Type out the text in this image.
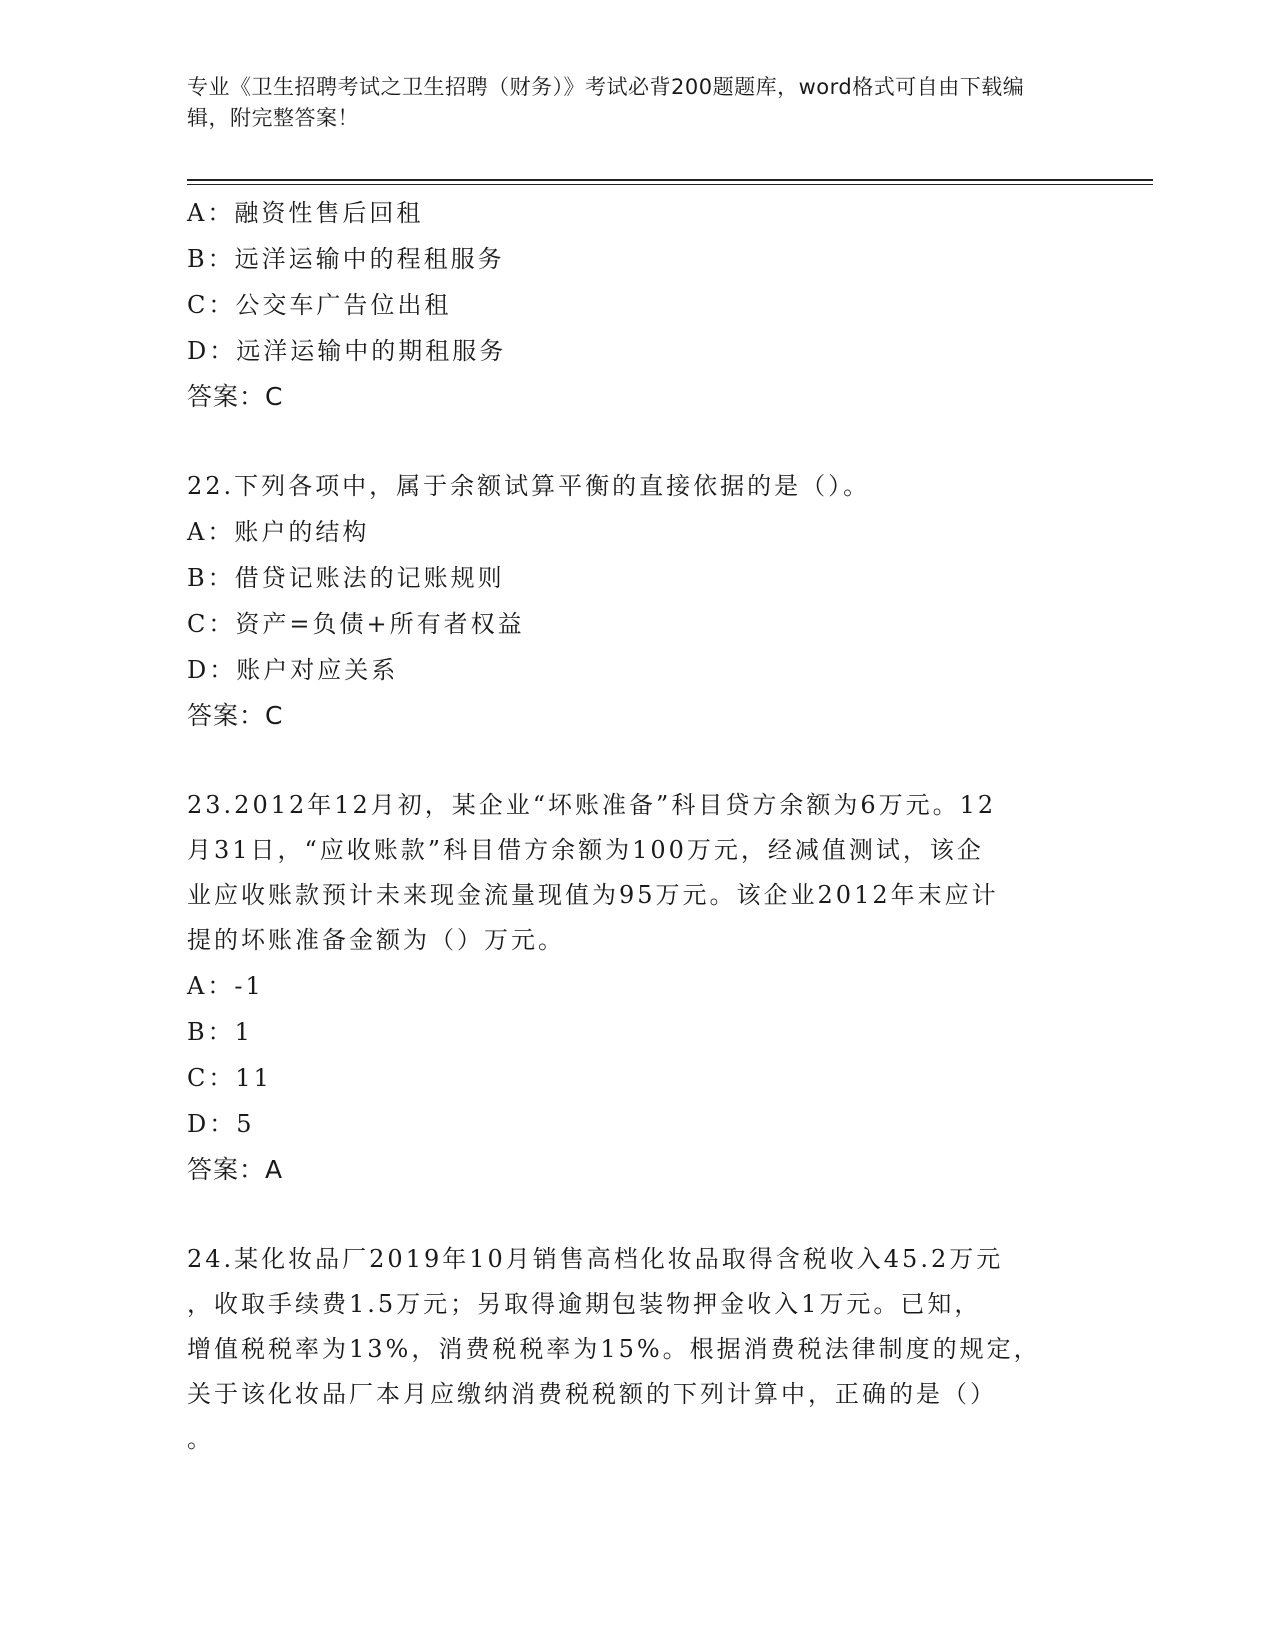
专业《卫生招聘考试之卫生招聘（财务）》考试必背200题题库，word格式可自由下载编辑，附完整答案！
A：融资性售后回租
B：远洋运输中的程租服务
C：公交车广告位出租
D：远洋运输中的期租服务
答案：C
22.下列各项中，属于余额试算平衡的直接依据的是（）。
A：账户的结构
B：借贷记账法的记账规则
C：资产=负债+所有者权益
D：账户对应关系
答案：C
23.2012年12月初，某企业“坏账准备”科目贷方余额为6万元。12
月31日，“应收账款”科目借方余额为100万元，经减值测试，该企
业应收账款预计未来现金流量现值为95万元。该企业2012年末应计
提的坏账准备金额为（）万元。
A：-1
B：1
C：11
D：5
答案：A
24.某化妆品厂2019年10月销售高档化妆品取得含税收入45.2万元
，收取手续费1.5万元；另取得逾期包装物押金收入1万元。已知，
增值税税率为13%，消费税税率为15%。根据消费税法律制度的规定，
关于该化妆品厂本月应缴纳消费税税额的下列计算中，正确的是（）
。
